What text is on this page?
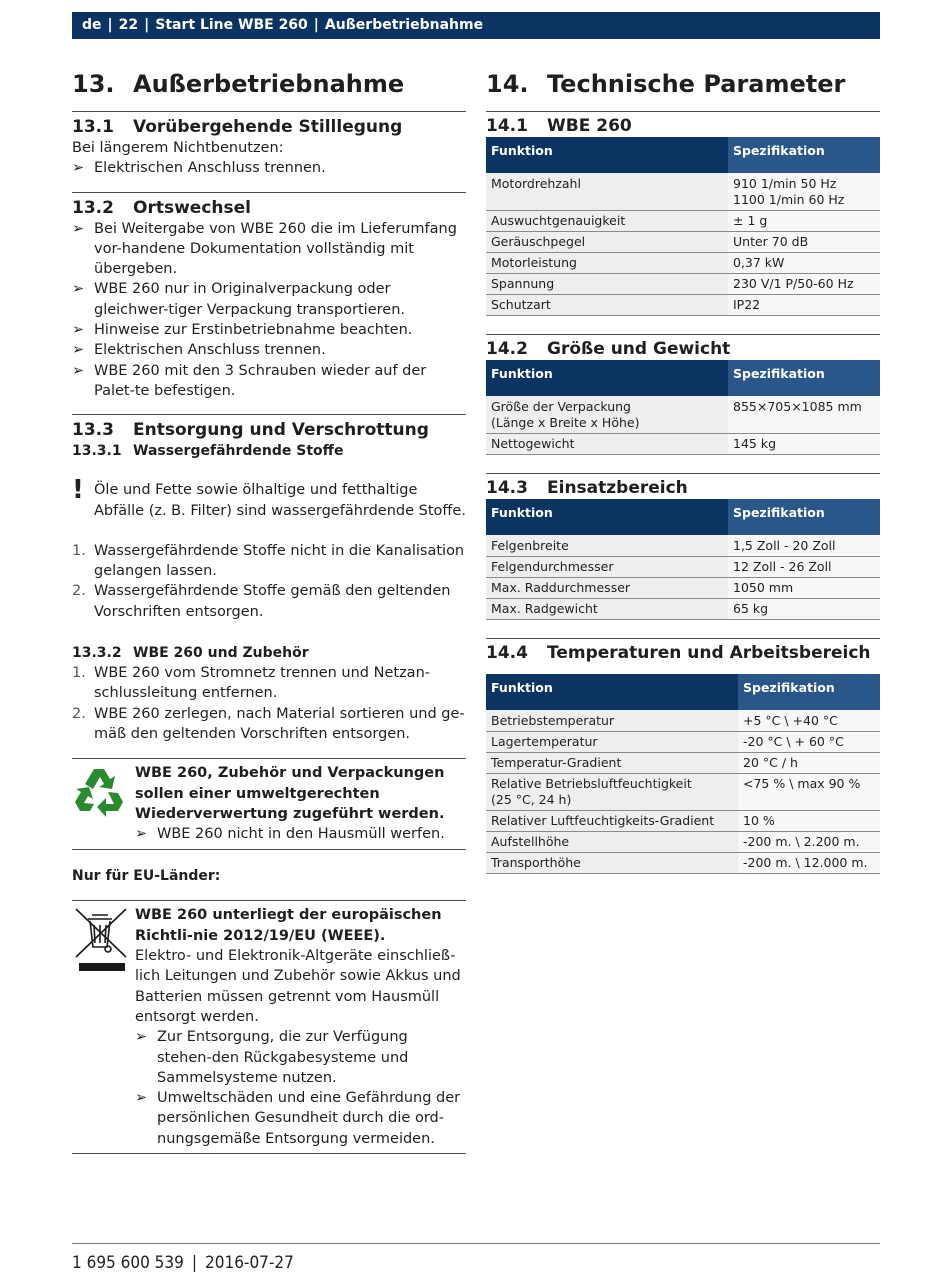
de | 22 | Start Line WBE 260 | Außerbetriebnahme
13. Außerbetriebnahme
13.1	Vorübergehende Stilllegung

Bei längerem Nichtbenutzen:

➢ Elektrischen Anschluss trennen.
13.2	Ortswechsel
➢ Bei Weitergabe von WBE 260 die im Lieferumfang vor-handene Dokumentation vollständig mit übergeben.
➢ WBE 260 nur in Originalverpackung oder gleichwer-tiger Verpackung transportieren.
➢ Hinweise zur Erstinbetriebnahme beachten.
➢ Elektrischen Anschluss trennen.
➢ WBE 260 mit den 3 Schrauben wieder auf der Palet-te befestigen.
13.3	Entsorgung und Verschrottung
13.3.1 Wassergefährdende Stoffe
! Öle und Fette sowie ölhaltige und fetthaltige Abfälle (z. B. Filter) sind wassergefährdende Stoffe.

1. Wassergefährdende Stoffe nicht in die Kanalisation gelangen lassen.
2. Wassergefährdende Stoffe gemäß den geltenden Vorschriften entsorgen.
13.3.2 WBE 260 und Zubehör
1. WBE 260 vom Stromnetz trennen und Netzan-schlussleitung entfernen.
2. WBE 260 zerlegen, nach Material sortieren und ge-mäß den geltenden Vorschriften entsorgen.
WBE 260, Zubehör und Verpackungen sollen einer umweltgerechten Wiederverwertung zugeführt werden.
➢ WBE 260 nicht in den Hausmüll werfen.
Nur für EU-Länder:
WBE 260 unterliegt der europäischen Richtli-nie 2012/19/EU (WEEE).
Elektro- und Elektronik-Altgeräte einschließ-lich Leitungen und Zubehör sowie Akkus und Batterien müssen getrennt vom Hausmüll entsorgt werden.
➢ Zur Entsorgung, die zur Verfügung stehen-den Rückgabesysteme und Sammelsysteme nutzen.
➢ Umweltschäden und eine Gefährdung der persönlichen Gesundheit durch die ord-nungsgemäße Entsorgung vermeiden.
14. Technische Parameter
14.1	WBE 260
Funktion	Spezifikation
Motordrehzahl	910 1/min 50 Hz
1100 1/min 60 Hz
Auswuchtgenauigkeit	± 1 g
Geräuschpegel	Unter 70 dB
Motorleistung	0,37 kW
Spannung	230 V/1 P/50-60 Hz
Schutzart	IP22
14.2	Größe und Gewicht
Funktion	Spezifikation
Größe der Verpackung
(Länge x Breite x Höhe)	855×705×1085 mm
Nettogewicht	145 kg
14.3	Einsatzbereich
Funktion	Spezifikation
Felgenbreite	1,5 Zoll - 20 Zoll
Felgendurchmesser	12 Zoll - 26 Zoll
Max. Raddurchmesser	1050 mm
Max. Radgewicht	65 kg
14.4	Temperaturen und Arbeitsbereich
Funktion	Spezifikation
Betriebstemperatur	+5 °C \ +40 °C
Lagertemperatur	-20 °C \ + 60 °C
Temperatur-Gradient	20 °C / h
Relative Betriebsluftfeuchtigkeit
(25 °C, 24 h)	<75 % \ max 90 %
Relativer Luftfeuchtigkeits-Gradient	10 %
Aufstellhöhe	-200 m. \ 2.200 m.
Transporthöhe	-200 m. \ 12.000 m.
1 695 600 539 | 2016-07-27
